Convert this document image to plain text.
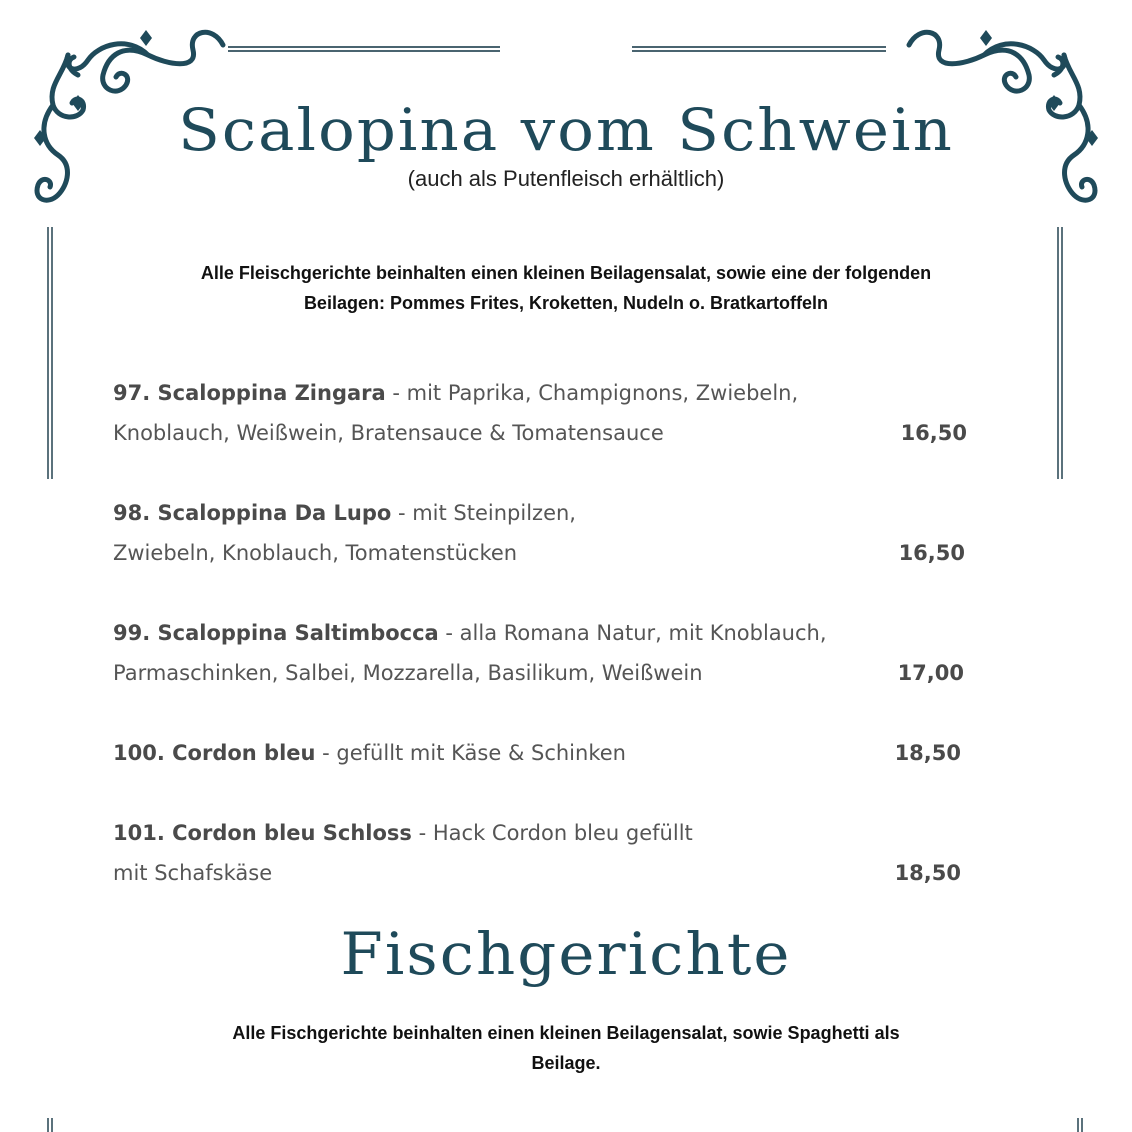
Scalopina vom Schwein
(auch als Putenfleisch erhältlich)
Alle Fleischgerichte beinhalten einen kleinen Beilagensalat, sowie eine der folgenden
Beilagen: Pommes Frites, Kroketten, Nudeln o. Bratkartoffeln
97. Scaloppina Zingara - mit Paprika, Champignons, Zwiebeln,
Knoblauch, Weißwein, Bratensauce & Tomatensauce	16,50
98. Scaloppina Da Lupo - mit Steinpilzen,
Zwiebeln, Knoblauch, Tomatenstücken	16,50
99. Scaloppina Saltimbocca - alla Romana Natur, mit Knoblauch,
Parmaschinken, Salbei, Mozzarella, Basilikum, Weißwein	17,00
100. Cordon bleu - gefüllt mit Käse & Schinken	18,50
101. Cordon bleu Schloss - Hack Cordon bleu gefüllt
mit Schafskäse	18,50
Fischgerichte
Alle Fischgerichte beinhalten einen kleinen Beilagensalat, sowie Spaghetti als
Beilage.
